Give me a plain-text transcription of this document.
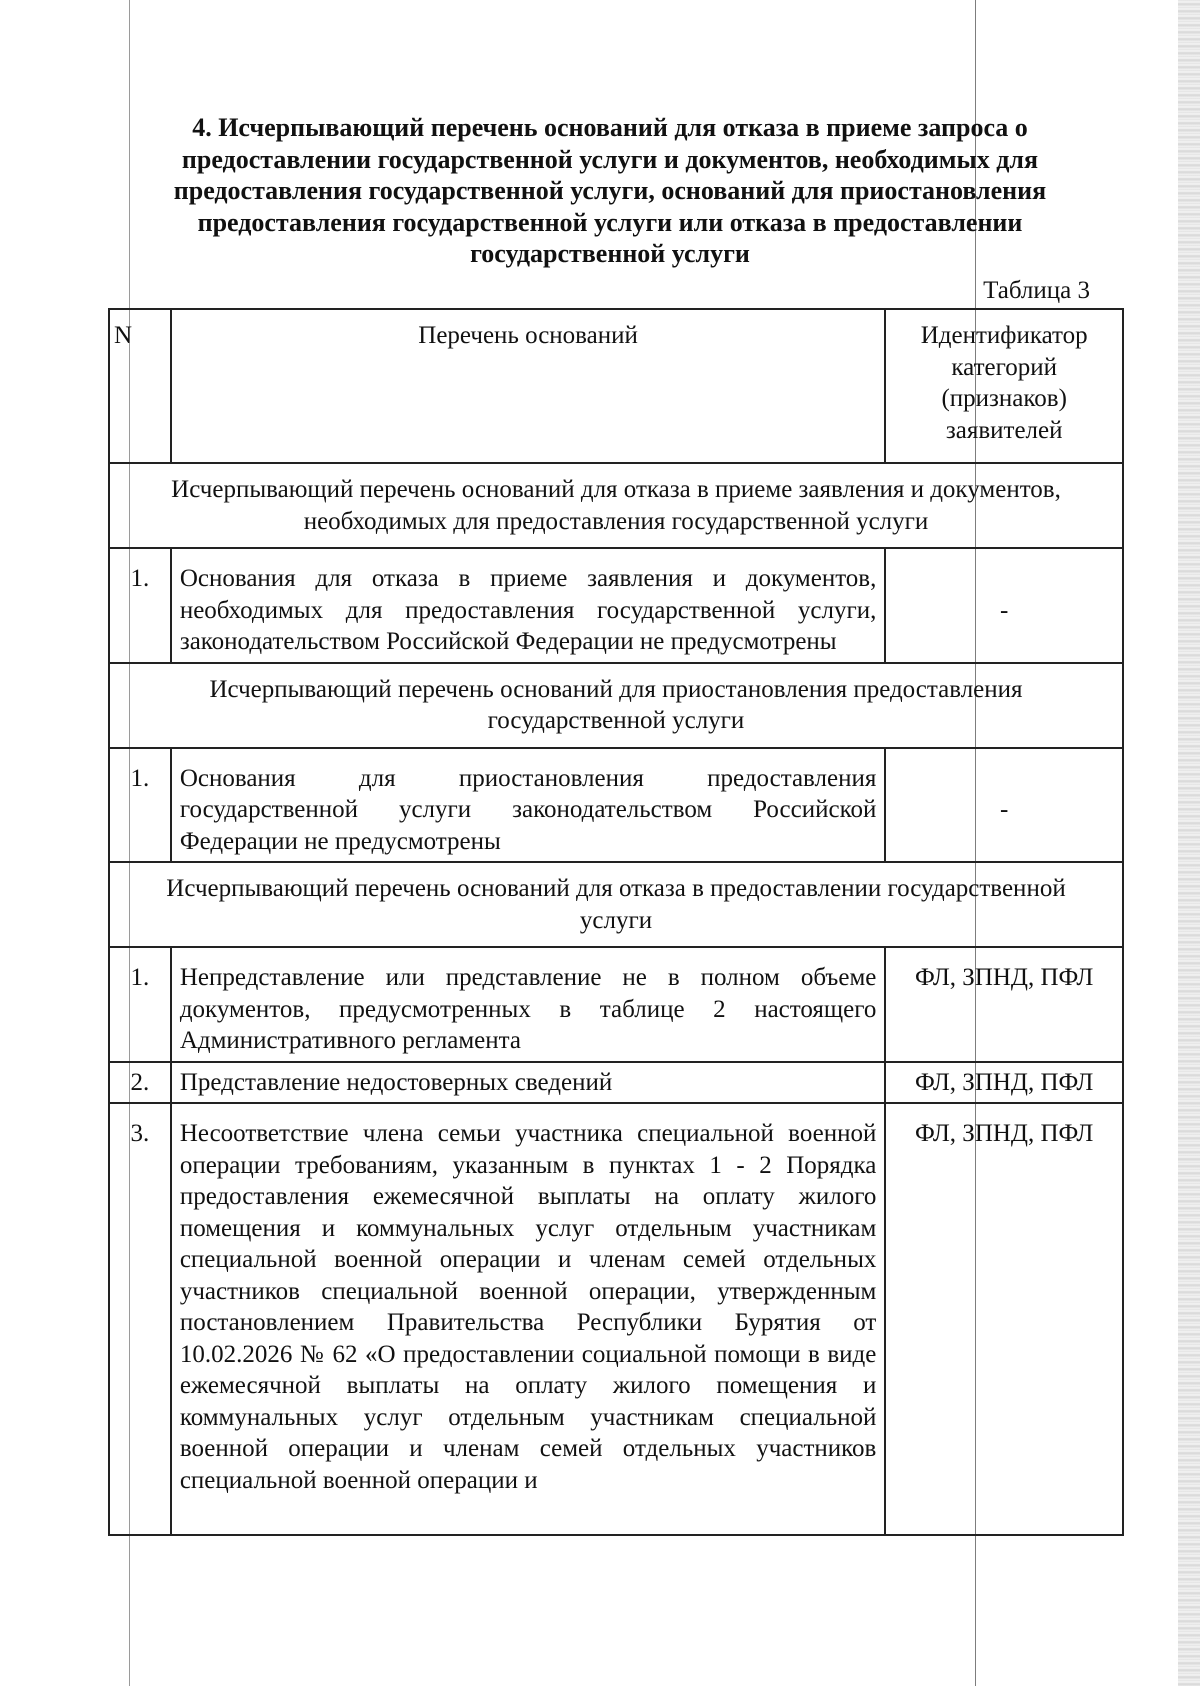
4. Исчерпывающий перечень оснований для отказа в приеме запроса о предоставлении государственной услуги и документов, необходимых для предоставления государственной услуги, оснований для приостановления предоставления государственной услуги или отказа в предоставлении государственной услуги

Таблица 3

N	Перечень оснований	Идентификатор категорий (признаков) заявителей
Исчерпывающий перечень оснований для отказа в приеме заявления и документов, необходимых для предоставления государственной услуги		
1.	Основания для отказа в приеме заявления и документов, необходимых для предоставления государственной услуги, законодательством Российской Федерации не предусмотрены	-
Исчерпывающий перечень оснований для приостановления предоставления государственной услуги		
1.	Основания для приостановления предоставления государственной услуги законодательством Российской Федерации не предусмотрены	-
Исчерпывающий перечень оснований для отказа в предоставлении государственной услуги		
1.	Непредставление или представление не в полном объеме документов, предусмотренных в таблице 2 настоящего Административного регламента	ФЛ, ЗПНД, ПФЛ
2.	Представление недостоверных сведений	ФЛ, ЗПНД, ПФЛ
3.	Несоответствие члена семьи участника специальной военной операции требованиям, указанным в пунктах 1 - 2 Порядка предоставления ежемесячной выплаты на оплату жилого помещения и коммунальных услуг отдельным участникам специальной военной операции и членам семей отдельных участников специальной военной операции, утвержденным постановлением Правительства Республики Бурятия от 10.02.2026 № 62 «О предоставлении социальной помощи в виде ежемесячной выплаты на оплату жилого помещения и коммунальных услуг отдельным участникам специальной военной операции и членам семей отдельных участников специальной военной операции и	ФЛ, ЗПНД, ПФЛ
